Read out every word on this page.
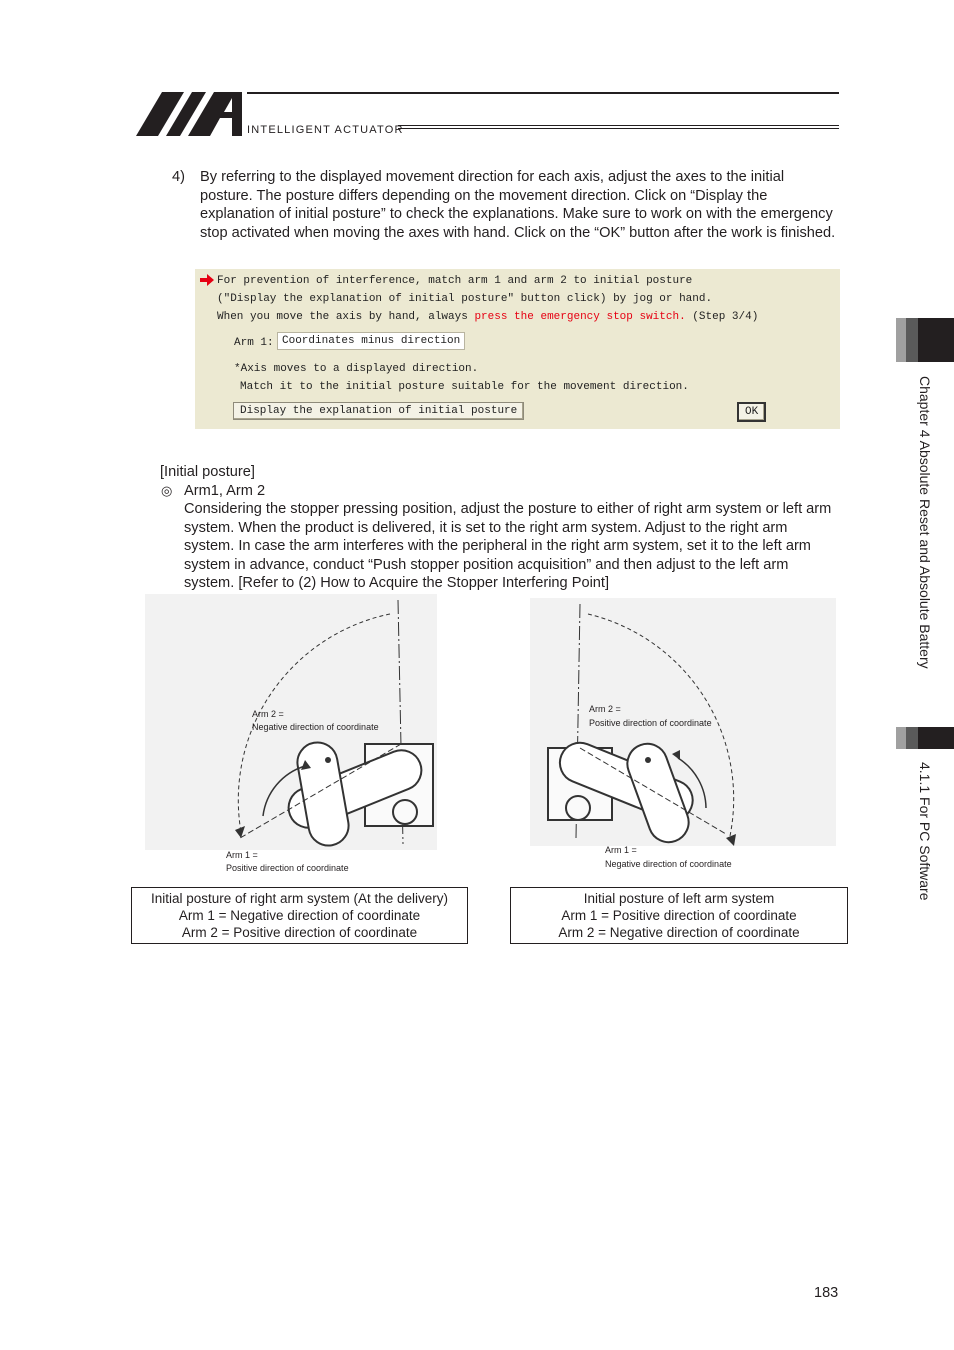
INTELLIGENT ACTUATOR
4) By referring to the displayed movement direction for each axis, adjust the axes to the initial posture. The posture differs depending on the movement direction. Click on “Display the explanation of initial posture” to check the explanations. Make sure to work on with the emergency stop activated when moving the axes with hand. Click on the “OK” button after the work is finished.
For prevention of interference, match arm 1 and arm 2 to initial posture
("Display the explanation of initial posture" button click) by jog or hand.
When you move the axis by hand, always press the emergency stop switch. (Step 3/4)
Arm 1: Coordinates minus direction
*Axis moves to a displayed direction.
Match it to the initial posture suitable for the movement direction.
Display the explanation of initial posture	OK
[Initial posture]
◎ Arm1, Arm 2
Considering the stopper pressing position, adjust the posture to either of right arm system or left arm system. When the product is delivered, it is set to the right arm system. Adjust to the right arm system. In case the arm interferes with the peripheral in the right arm system, set it to the left arm system in advance, conduct “Push stopper position acquisition” and then adjust to the left arm system. [Refer to (2) How to Acquire the Stopper Interfering Point]
Arm 2 =
Negative direction of coordinate
Arm 1 =
Positive direction of coordinate
Arm 2 =
Positive direction of coordinate
Arm 1 =
Negative direction of coordinate
Initial posture of right arm system (At the delivery)
Arm 1 = Negative direction of coordinate
Arm 2 = Positive direction of coordinate
Initial posture of left arm system
Arm 1 = Positive direction of coordinate
Arm 2 = Negative direction of coordinate
Chapter 4 Absolute Reset and Absolute Battery
4.1.1 For PC Software
183
